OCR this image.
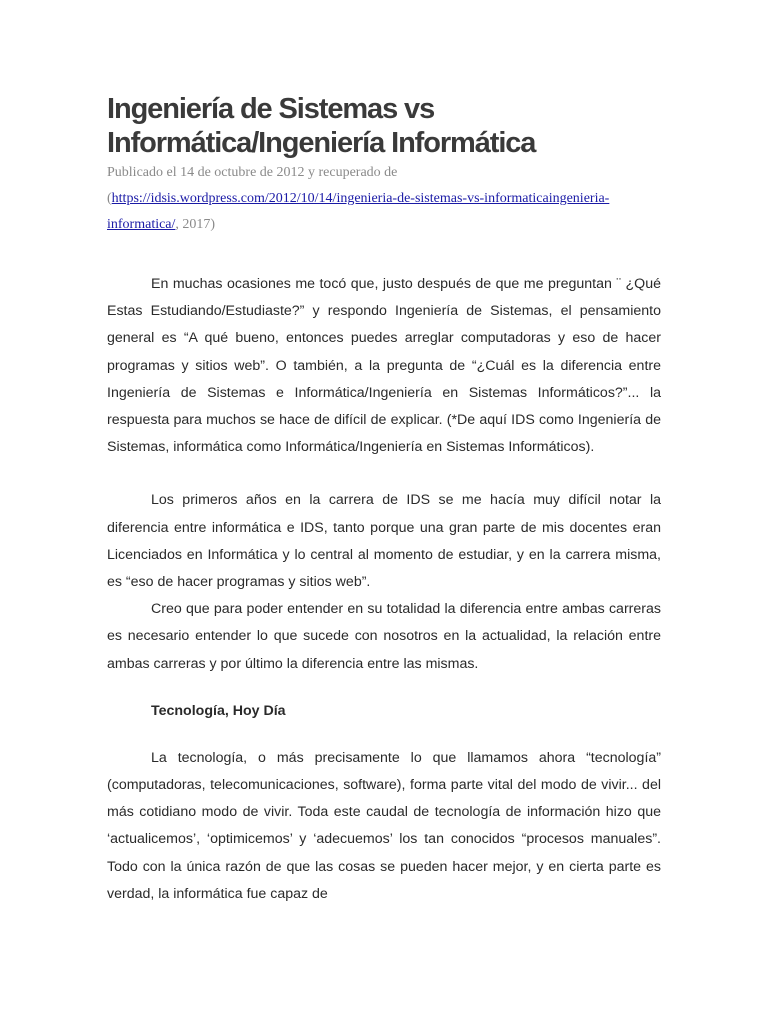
Ingeniería de Sistemas vs Informática/Ingeniería Informática

Publicado el 14 de octubre de 2012 y recuperado de (https://idsis.wordpress.com/2012/10/14/ingenieria-de-sistemas-vs-informaticaingenieria-informatica/, 2017)

En muchas ocasiones me tocó que, justo después de que me preguntan ¨ ¿Qué Estas Estudiando/Estudiaste?” y respondo Ingeniería de Sistemas, el pensamiento general es “A qué bueno, entonces puedes arreglar computadoras y eso de hacer programas y sitios web”. O también, a la pregunta de “¿Cuál es la diferencia entre Ingeniería de Sistemas e Informática/Ingeniería en Sistemas Informáticos?”... la respuesta para muchos se hace de difícil de explicar. (*De aquí IDS como Ingeniería de Sistemas, informática como Informática/Ingeniería en Sistemas Informáticos).

Los primeros años en la carrera de IDS se me hacía muy difícil notar la diferencia entre informática e IDS, tanto porque una gran parte de mis docentes eran Licenciados en Informática y lo central al momento de estudiar, y en la carrera misma, es “eso de hacer programas y sitios web”.

Creo que para poder entender en su totalidad la diferencia entre ambas carreras es necesario entender lo que sucede con nosotros en la actualidad, la relación entre ambas carreras y por último la diferencia entre las mismas.

Tecnología, Hoy Día

La tecnología, o más precisamente lo que llamamos ahora “tecnología” (computadoras, telecomunicaciones, software), forma parte vital del modo de vivir... del más cotidiano modo de vivir. Toda este caudal de tecnología de información hizo que ‘actualicemos’, ‘optimicemos’ y ‘adecuemos’ los tan conocidos “procesos manuales”. Todo con la única razón de que las cosas se pueden hacer mejor, y en cierta parte es verdad, la informática fue capaz de
